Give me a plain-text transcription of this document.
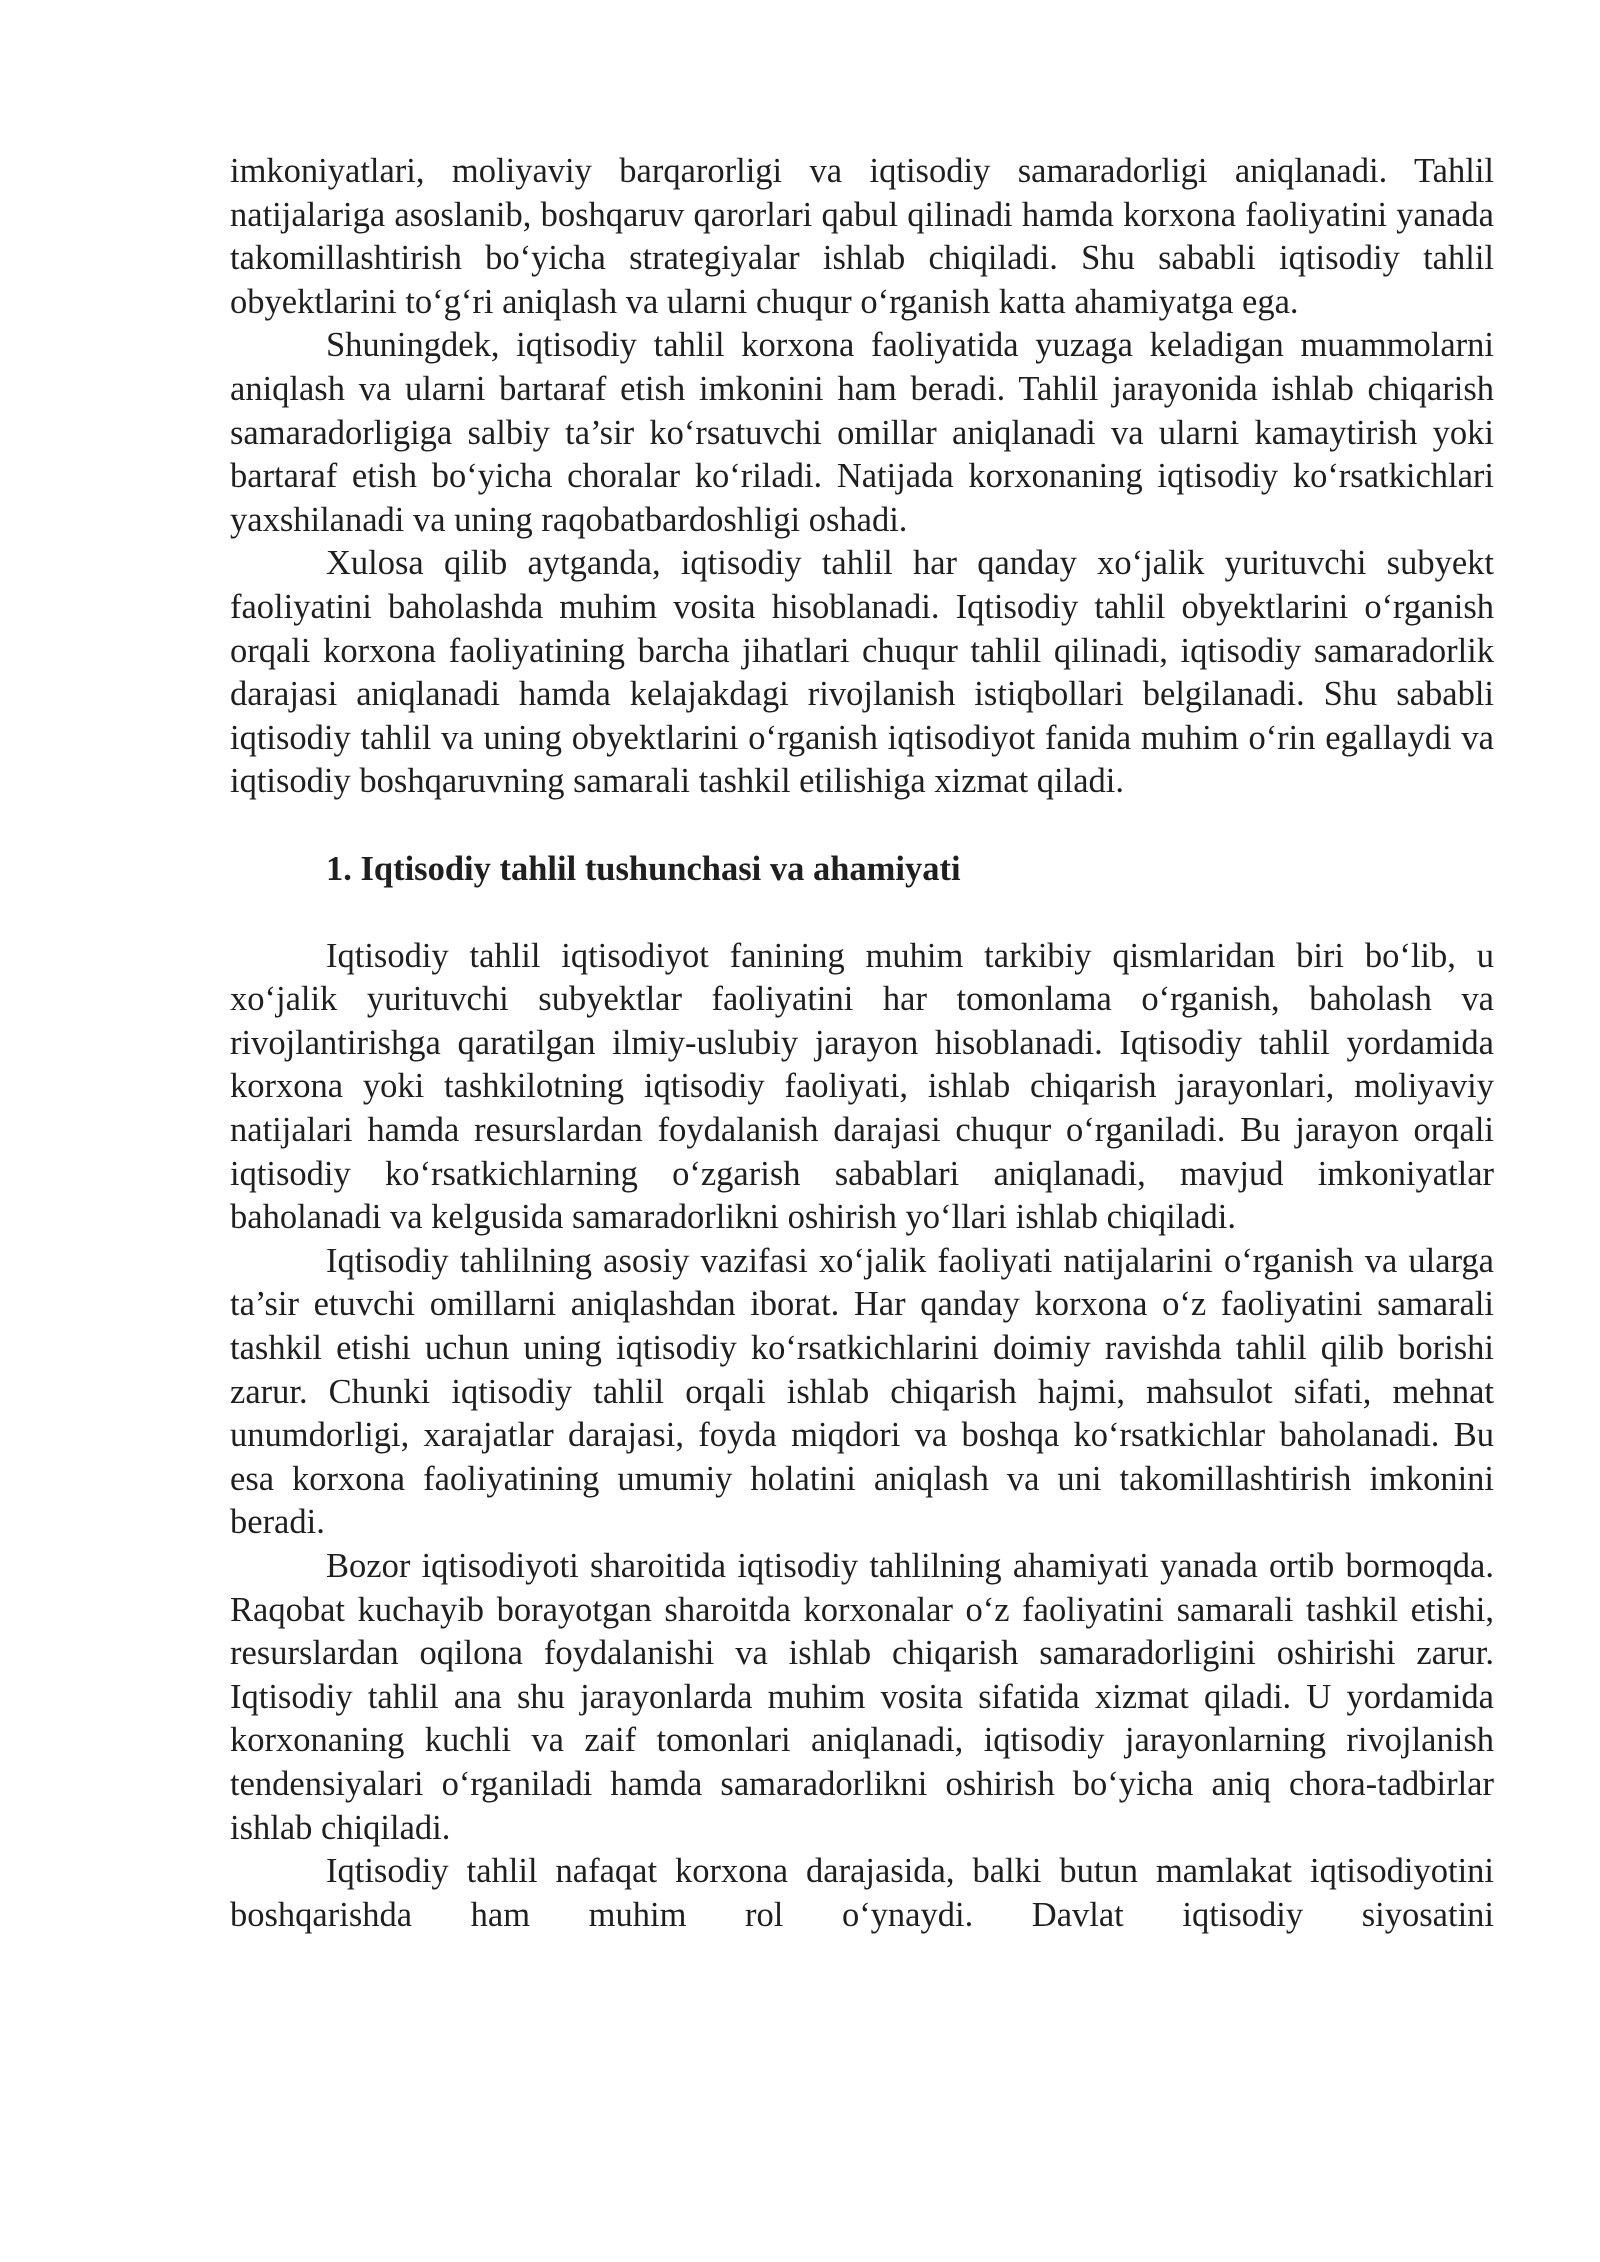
imkoniyatlari, moliyaviy barqarorligi va iqtisodiy samaradorligi aniqlanadi. Tahlil natijalariga asoslanib, boshqaruv qarorlari qabul qilinadi hamda korxona faoliyatini yanada takomillashtirish boʻyicha strategiyalar ishlab chiqiladi. Shu sababli iqtisodiy tahlil obyektlarini toʻgʻri aniqlash va ularni chuqur oʻrganish katta ahamiyatga ega.

Shuningdek, iqtisodiy tahlil korxona faoliyatida yuzaga keladigan muammolarni aniqlash va ularni bartaraf etish imkonini ham beradi. Tahlil jarayonida ishlab chiqarish samaradorligiga salbiy ta’sir koʻrsatuvchi omillar aniqlanadi va ularni kamaytirish yoki bartaraf etish boʻyicha choralar koʻriladi. Natijada korxonaning iqtisodiy koʻrsatkichlari yaxshilanadi va uning raqobatbardoshligi oshadi.

Xulosa qilib aytganda, iqtisodiy tahlil har qanday xoʻjalik yurituvchi subyekt faoliyatini baholashda muhim vosita hisoblanadi. Iqtisodiy tahlil obyektlarini oʻrganish orqali korxona faoliyatining barcha jihatlari chuqur tahlil qilinadi, iqtisodiy samaradorlik darajasi aniqlanadi hamda kelajakdagi rivojlanish istiqbollari belgilanadi. Shu sababli iqtisodiy tahlil va uning obyektlarini oʻrganish iqtisodiyot fanida muhim oʻrin egallaydi va iqtisodiy boshqaruvning samarali tashkil etilishiga xizmat qiladi.

1. Iqtisodiy tahlil tushunchasi va ahamiyati

Iqtisodiy tahlil iqtisodiyot fanining muhim tarkibiy qismlaridan biri boʻlib, u xoʻjalik yurituvchi subyektlar faoliyatini har tomonlama oʻrganish, baholash va rivojlantirishga qaratilgan ilmiy-uslubiy jarayon hisoblanadi. Iqtisodiy tahlil yordamida korxona yoki tashkilotning iqtisodiy faoliyati, ishlab chiqarish jarayonlari, moliyaviy natijalari hamda resurslardan foydalanish darajasi chuqur oʻrganiladi. Bu jarayon orqali iqtisodiy koʻrsatkichlarning oʻzgarish sabablari aniqlanadi, mavjud imkoniyatlar baholanadi va kelgusida samaradorlikni oshirish yoʻllari ishlab chiqiladi.

Iqtisodiy tahlilning asosiy vazifasi xoʻjalik faoliyati natijalarini oʻrganish va ularga ta’sir etuvchi omillarni aniqlashdan iborat. Har qanday korxona oʻz faoliyatini samarali tashkil etishi uchun uning iqtisodiy koʻrsatkichlarini doimiy ravishda tahlil qilib borishi zarur. Chunki iqtisodiy tahlil orqali ishlab chiqarish hajmi, mahsulot sifati, mehnat unumdorligi, xarajatlar darajasi, foyda miqdori va boshqa koʻrsatkichlar baholanadi. Bu esa korxona faoliyatining umumiy holatini aniqlash va uni takomillashtirish imkonini beradi.

Bozor iqtisodiyoti sharoitida iqtisodiy tahlilning ahamiyati yanada ortib bormoqda. Raqobat kuchayib borayotgan sharoitda korxonalar oʻz faoliyatini samarali tashkil etishi, resurslardan oqilona foydalanishi va ishlab chiqarish samaradorligini oshirishi zarur. Iqtisodiy tahlil ana shu jarayonlarda muhim vosita sifatida xizmat qiladi. U yordamida korxonaning kuchli va zaif tomonlari aniqlanadi, iqtisodiy jarayonlarning rivojlanish tendensiyalari oʻrganiladi hamda samaradorlikni oshirish boʻyicha aniq chora-tadbirlar ishlab chiqiladi.

Iqtisodiy tahlil nafaqat korxona darajasida, balki butun mamlakat iqtisodiyotini boshqarishda ham muhim rol oʻynaydi. Davlat iqtisodiy siyosatini
